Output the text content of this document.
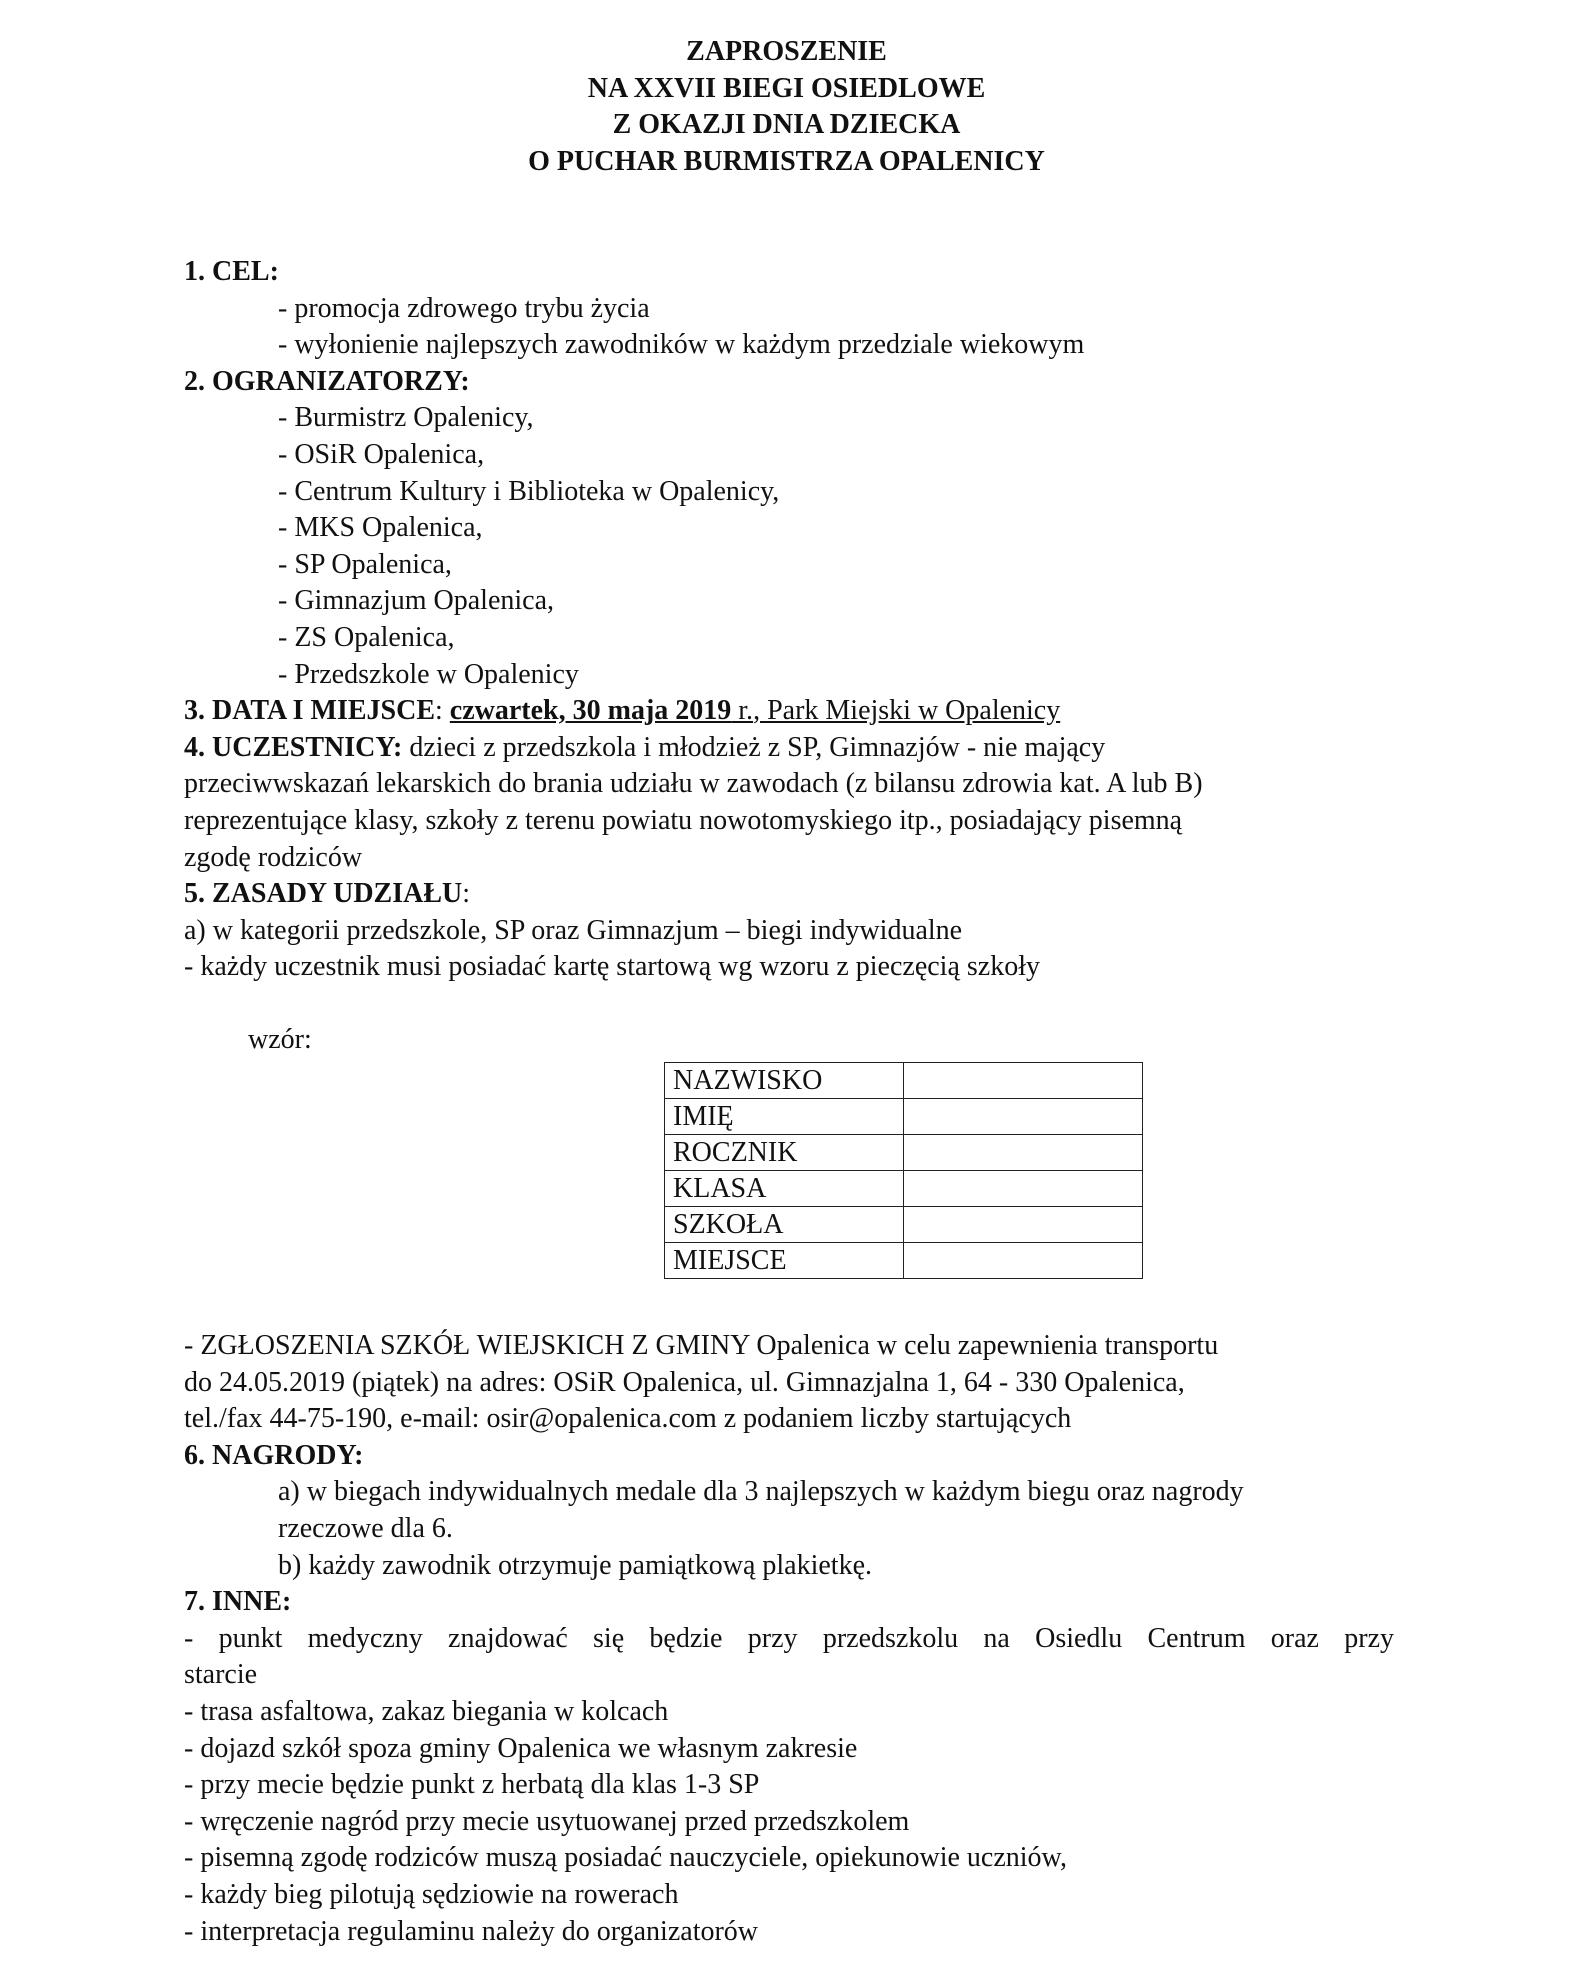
ZAPROSZENIE
NA XXVII BIEGI OSIEDLOWE
Z OKAZJI DNIA DZIECKA
O PUCHAR BURMISTRZA OPALENICY
1. CEL:
- promocja zdrowego trybu życia
- wyłonienie najlepszych zawodników w każdym przedziale wiekowym
2. OGRANIZATORZY:
- Burmistrz Opalenicy,
- OSiR Opalenica,
- Centrum Kultury i Biblioteka w Opalenicy,
- MKS Opalenica,
- SP Opalenica,
- Gimnazjum Opalenica,
- ZS Opalenica,
- Przedszkole w Opalenicy
3. DATA I MIEJSCE: czwartek, 30 maja 2019 r., Park Miejski w Opalenicy
4. UCZESTNICY: dzieci z przedszkola i młodzież z SP, Gimnazjów - nie mający
przeciwwskazań lekarskich do brania udziału w zawodach (z bilansu zdrowia kat. A lub B)
reprezentujące klasy, szkoły z terenu powiatu nowotomyskiego itp., posiadający pisemną
zgodę rodziców
5. ZASADY UDZIAŁU:
a) w kategorii przedszkole, SP oraz Gimnazjum – biegi indywidualne
- każdy uczestnik musi posiadać kartę startową wg wzoru z pieczęcią szkoły
wzór:
NAZWISKO	
IMIĘ	
ROCZNIK	
KLASA	
SZKOŁA	
MIEJSCE	
- ZGŁOSZENIA SZKÓŁ WIEJSKICH Z GMINY Opalenica w celu zapewnienia transportu
do 24.05.2019 (piątek) na adres: OSiR Opalenica, ul. Gimnazjalna 1, 64 - 330 Opalenica,
tel./fax 44-75-190, e-mail: osir@opalenica.com z podaniem liczby startujących
6. NAGRODY:
a) w biegach indywidualnych medale dla 3 najlepszych w każdym biegu oraz nagrody
rzeczowe dla 6.
b) każdy zawodnik otrzymuje pamiątkową plakietkę.
7. INNE:
- punkt medyczny znajdować się będzie przy przedszkolu na Osiedlu Centrum oraz przy
starcie
- trasa asfaltowa, zakaz biegania w kolcach
- dojazd szkół spoza gminy Opalenica we własnym zakresie
- przy mecie będzie punkt z herbatą dla klas 1-3 SP
- wręczenie nagród przy mecie usytuowanej przed przedszkolem
- pisemną zgodę rodziców muszą posiadać nauczyciele, opiekunowie uczniów,
- każdy bieg pilotują sędziowie na rowerach
- interpretacja regulaminu należy do organizatorów
